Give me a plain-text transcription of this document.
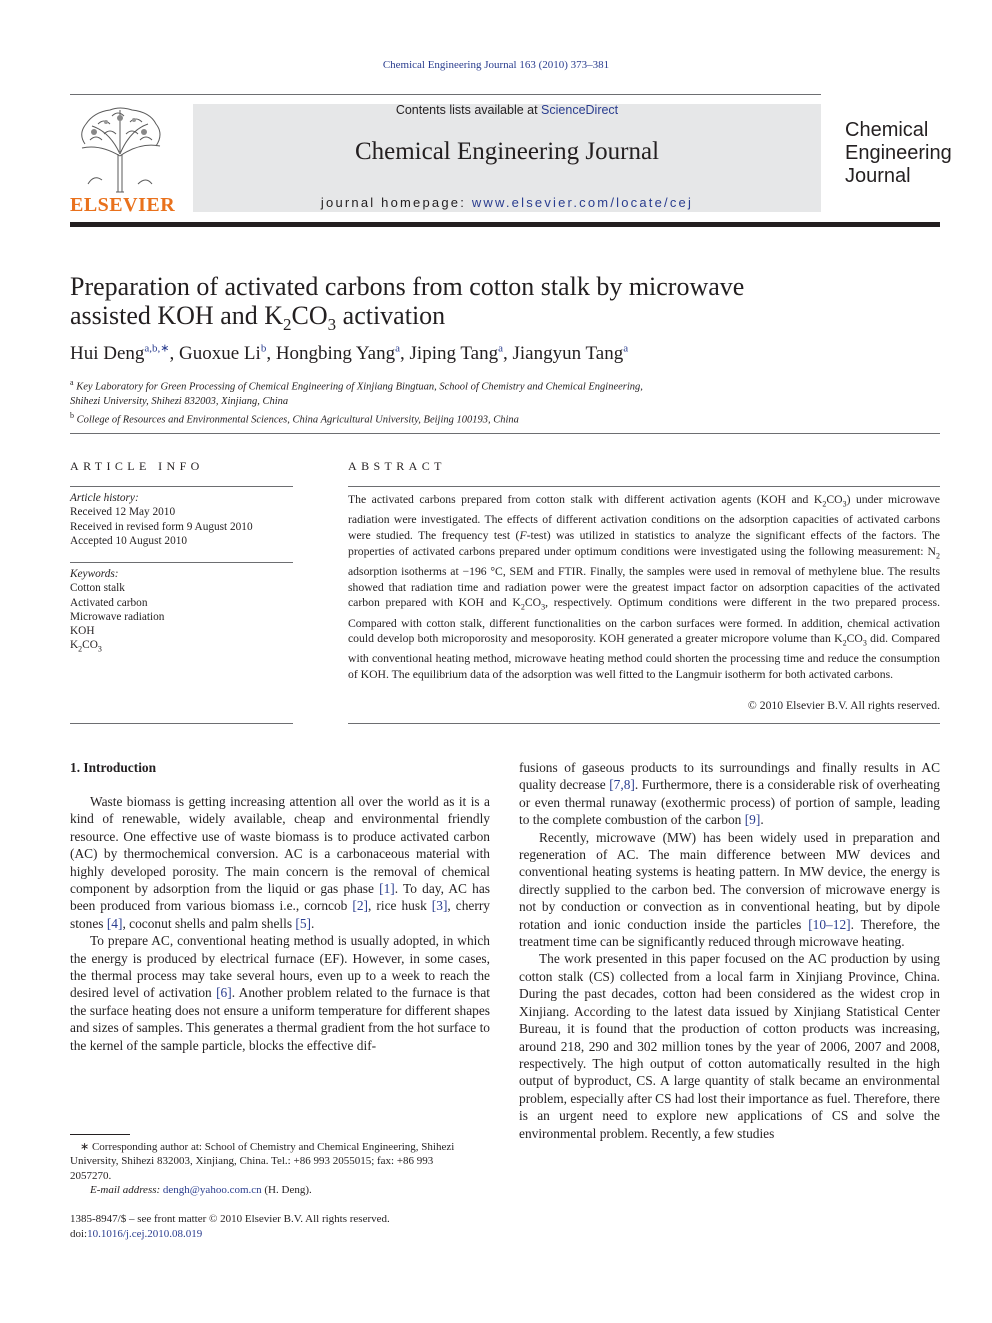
Chemical Engineering Journal 163 (2010) 373–381
ELSEVIER
Contents lists available at ScienceDirect
Chemical Engineering Journal
journal homepage: www.elsevier.com/locate/cej
Chemical
Engineering
Journal
Preparation of activated carbons from cotton stalk by microwave
assisted KOH and $K_2CO_3$ activation
Hui Deng$^{a,b,∗}$, Guoxue Li$^b$, Hongbing Yang$^a$, Jiping Tang$^a$, Jiangyun Tang$^a$
$^a$ Key Laboratory for Green Processing of Chemical Engineering of Xinjiang Bingtuan, School of Chemistry and Chemical Engineering,
Shihezi University, Shihezi 832003, Xinjiang, China
$^b$ College of Resources and Environmental Sciences, China Agricultural University, Beijing 100193, China
ARTICLE INFO	ABSTRACT
Article history:
Received 12 May 2010
Received in revised form 9 August 2010
Accepted 10 August 2010
Keywords:
Cotton stalk
Activated carbon
Microwave radiation
KOH
$K_2CO_3$
The activated carbons prepared from cotton stalk with different activation agents (KOH and $K_2CO_3$) under microwave radiation were investigated. The effects of different activation conditions on the adsorption capacities of activated carbons were studied. The frequency test (F-test) was utilized in statistics to analyze the significant effects of the factors. The properties of activated carbons prepared under optimum conditions were investigated using the following measurement: $N_2$ adsorption isotherms at −196 °C, SEM and FTIR. Finally, the samples were used in removal of methylene blue. The results showed that radiation time and radiation power were the greatest impact factor on adsorption capacities of the activated carbon prepared with KOH and $K_2CO_3$, respectively. Optimum conditions were different in the two prepared process. Compared with cotton stalk, different functionalities on the carbon surfaces were formed. In addition, chemical activation could develop both microporosity and mesoporosity. KOH generated a greater micropore volume than $K_2CO_3$ did. Compared with conventional heating method, microwave heating method could shorten the processing time and reduce the consumption of KOH. The equilibrium data of the adsorption was well fitted to the Langmuir isotherm for both activated carbons.
© 2010 Elsevier B.V. All rights reserved.
1. Introduction

Waste biomass is getting increasing attention all over the world as it is a kind of renewable, widely available, cheap and environmental friendly resource. One effective use of waste biomass is to produce activated carbon (AC) by thermochemical conversion. AC is a carbonaceous material with highly developed porosity. The main concern is the removal of chemical component by adsorption from the liquid or gas phase [1]. To day, AC has been produced from various biomass i.e., corncob [2], rice husk [3], cherry stones [4], coconut shells and palm shells [5].

To prepare AC, conventional heating method is usually adopted, in which the energy is produced by electrical furnace (EF). However, in some cases, the thermal process may take several hours, even up to a week to reach the desired level of activation [6]. Another problem related to the furnace is that the surface heating does not ensure a uniform temperature for different shapes and sizes of samples. This generates a thermal gradient from the hot surface to the kernel of the sample particle, blocks the effective dif-

fusions of gaseous products to its surroundings and finally results in AC quality decrease [7,8]. Furthermore, there is a considerable risk of overheating or even thermal runaway (exothermic process) of portion of sample, leading to the complete combustion of the carbon [9].

Recently, microwave (MW) has been widely used in preparation and regeneration of AC. The main difference between MW devices and conventional heating systems is heating pattern. In MW device, the energy is directly supplied to the carbon bed. The conversion of microwave energy is not by conduction or convection as in conventional heating, but by dipole rotation and ionic conduction inside the particles [10–12]. Therefore, the treatment time can be significantly reduced through microwave heating.

The work presented in this paper focused on the AC production by using cotton stalk (CS) collected from a local farm in Xinjiang Province, China. During the past decades, cotton had been considered as the widest crop in Xinjiang. According to the latest data issued by Xinjiang Statistical Center Bureau, it is found that the production of cotton products was increasing, around 218, 290 and 302 million tones by the year of 2006, 2007 and 2008, respectively. The high output of cotton automatically resulted in the high output of byproduct, CS. A large quantity of stalk became an environmental problem, especially after CS had lost their importance as fuel. Therefore, there is an urgent need to explore new applications of CS and solve the environmental problem. Recently, a few studies

∗ Corresponding author at: School of Chemistry and Chemical Engineering, Shihezi University, Shihezi 832003, Xinjiang, China. Tel.: +86 993 2055015; fax: +86 993 2057270.
E-mail address: dengh@yahoo.com.cn (H. Deng).
1385-8947/$ – see front matter © 2010 Elsevier B.V. All rights reserved.
doi:10.1016/j.cej.2010.08.019
